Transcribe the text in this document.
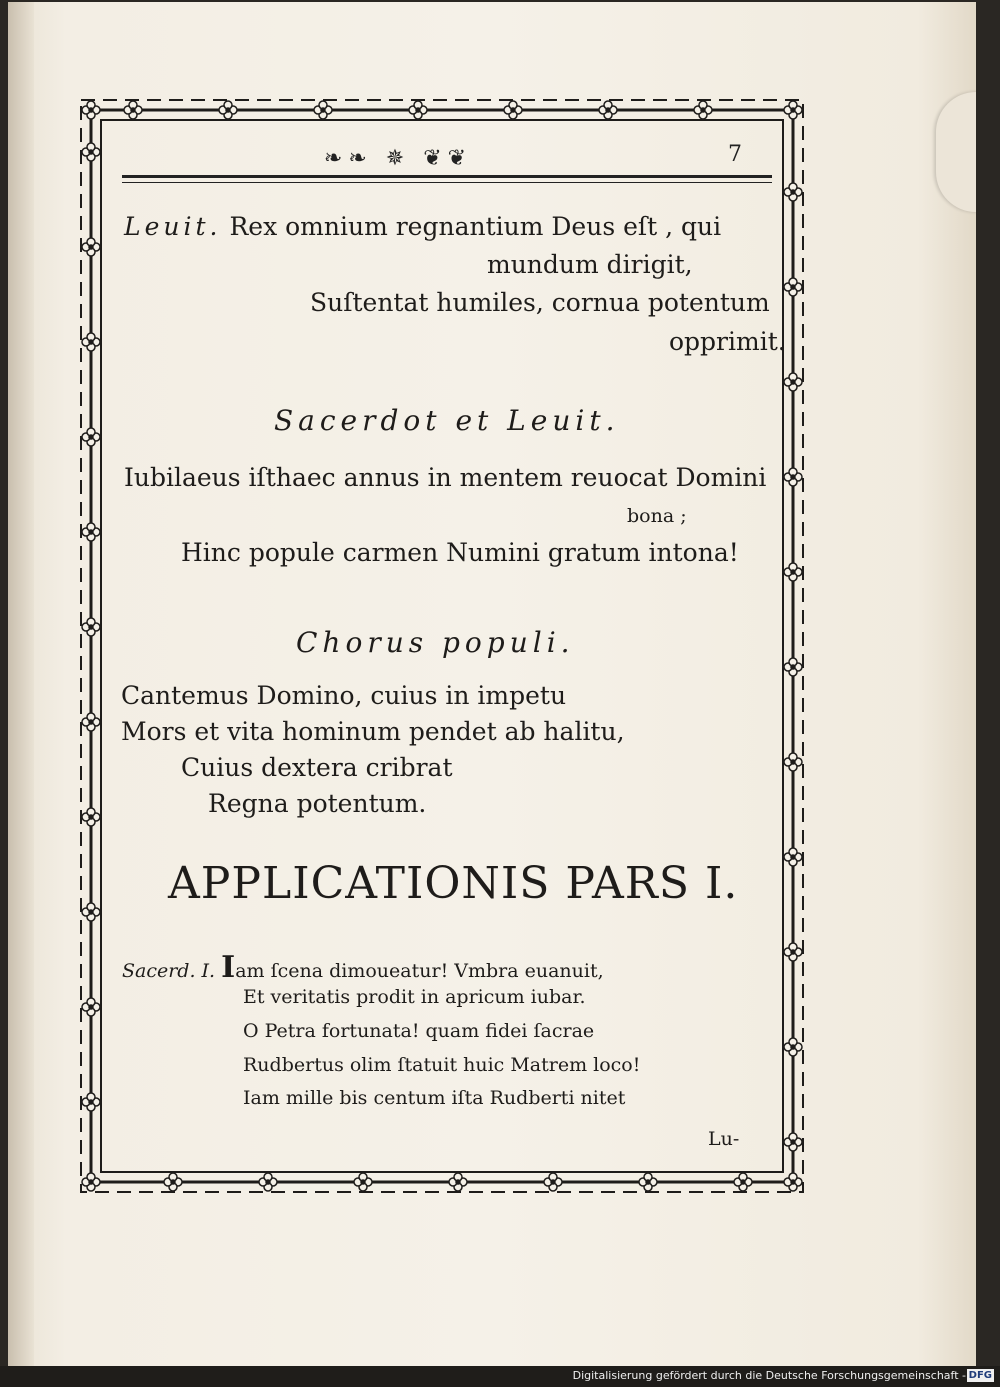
❧❧ ✵ ❦❦	7
Leuit. Rex omnium regnantium Deus eſt , qui
mundum dirigit,
Suſtentat humiles, cornua potentum
opprimit.
Sacerdot et Leuit.
Iubilaeus iſthaec annus in mentem reuocat Domini
bona ;
Hinc popule carmen Numini gratum intona!
Chorus populi.
Cantemus Domino, cuius in impetu
Mors et vita hominum pendet ab halitu,
Cuius dextera cribrat
Regna potentum.
APPLICATIONIS PARS I.
Sacerd. I. Iam ſcena dimoueatur! Vmbra euanuit,
Et veritatis prodit in apricum iubar.
O Petra fortunata! quam fidei ſacrae
Rudbertus olim ſtatuit huic Matrem loco!
Iam mille bis centum iſta Rudberti nitet
Lu-
Digitalisierung gefördert durch die Deutsche Forschungsgemeinschaft - DFG
